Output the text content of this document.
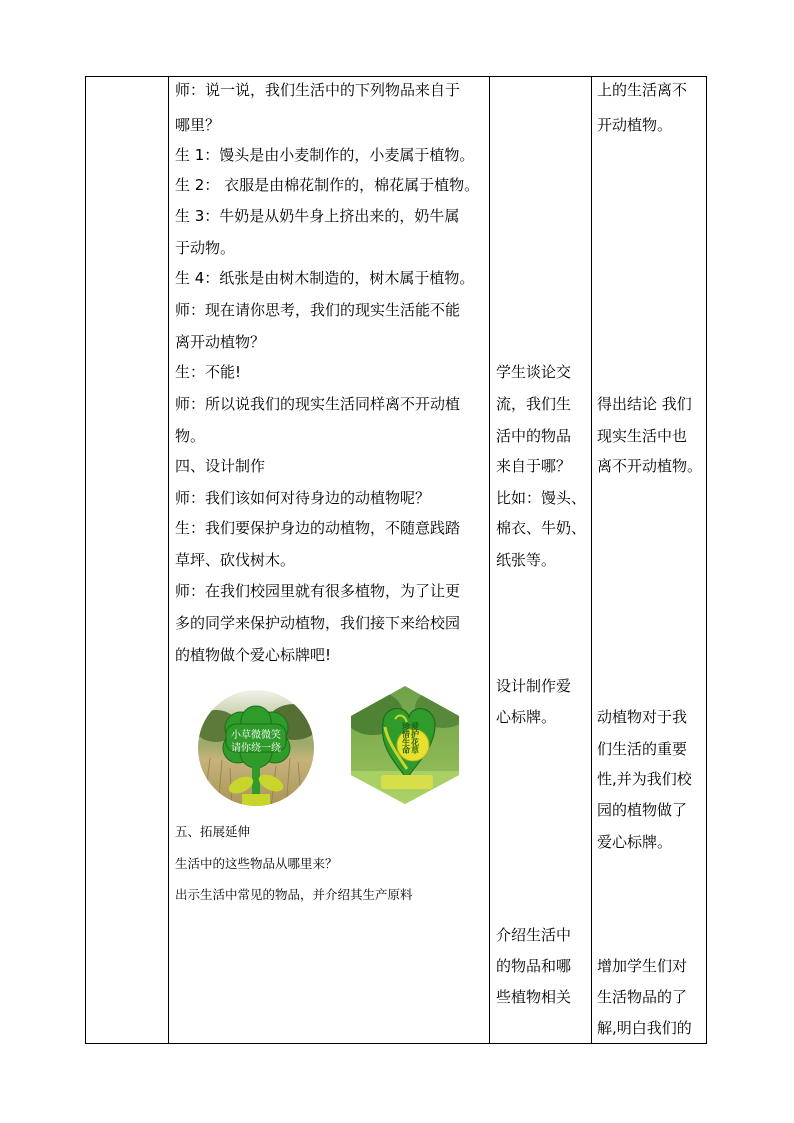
师：说一说，我们生活中的下列物品来自于
哪里？
生 1：馒头是由小麦制作的，小麦属于植物。
生 2： 衣服是由棉花制作的，棉花属于植物。
生 3：牛奶是从奶牛身上挤出来的，奶牛属
于动物。
生 4：纸张是由树木制造的，树木属于植物。
师：现在请你思考，我们的现实生活能不能
离开动植物？
生：不能!
师：所以说我们的现实生活同样离不开动植
物。
四、设计制作
师：我们该如何对待身边的动植物呢？
生：我们要保护身边的动植物，不随意践踏
草坪、砍伐树木。
师：在我们校园里就有很多植物，为了让更
多的同学来保护动植物，我们接下来给校园
的植物做个爱心标牌吧!
五、拓展延伸
生活中的这些物品从哪里来？
出示生活中常见的物品，并介绍其生产原料
小草微微笑
请你绕一绕	爱护花草
珍惜生命
学生谈论交
流，我们生
活中的物品
来自于哪？
比如：馒头、
棉衣、牛奶、
纸张等。
设计制作爱
心标牌。
介绍生活中
的物品和哪
些植物相关
上的生活离不
开动植物。
得出结论 我们
现实生活中也
离不开动植物。
动植物对于我
们生活的重要
性,并为我们校
园的植物做了
爱心标牌。
增加学生们对
生活物品的了
解,明白我们的
